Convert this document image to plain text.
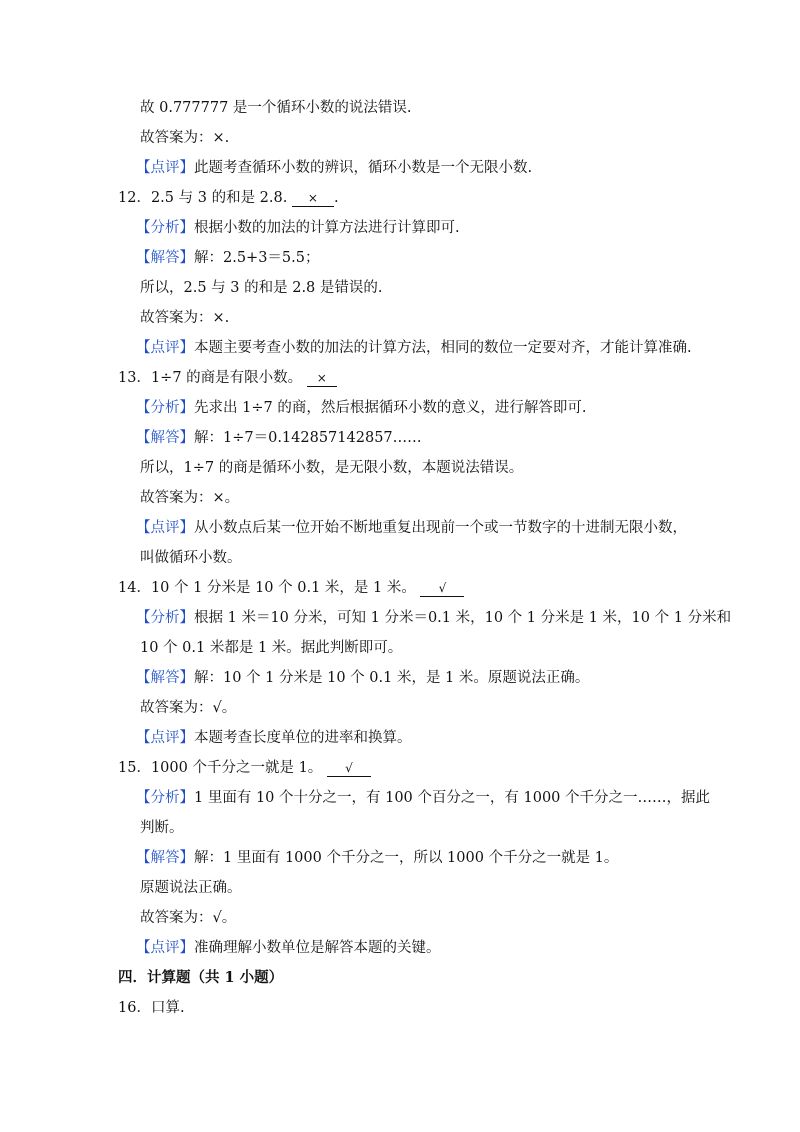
故 0.777777 是一个循环小数的说法错误.
故答案为：×.
【点评】此题考查循环小数的辨识，循环小数是一个无限小数.
12．2.5 与 3 的和是 2.8. × .
【分析】根据小数的加法的计算方法进行计算即可.
【解答】解：2.5+3＝5.5；
所以，2.5 与 3 的和是 2.8 是错误的.
故答案为：×.
【点评】本题主要考查小数的加法的计算方法，相同的数位一定要对齐，才能计算准确.
13．1÷7 的商是有限小数。 ×
【分析】先求出 1÷7 的商，然后根据循环小数的意义，进行解答即可.
【解答】解：1÷7＝0.142857142857……
所以，1÷7 的商是循环小数，是无限小数，本题说法错误。
故答案为：×。
【点评】从小数点后某一位开始不断地重复出现前一个或一节数字的十进制无限小数，
叫做循环小数。
14．10 个 1 分米是 10 个 0.1 米，是 1 米。 √
【分析】根据 1 米＝10 分米，可知 1 分米＝0.1 米，10 个 1 分米是 1 米，10 个 1 分米和
10 个 0.1 米都是 1 米。据此判断即可。
【解答】解：10 个 1 分米是 10 个 0.1 米，是 1 米。原题说法正确。
故答案为：√。
【点评】本题考查长度单位的进率和换算。
15．1000 个千分之一就是 1。 √
【分析】1 里面有 10 个十分之一，有 100 个百分之一，有 1000 个千分之一……，据此
判断。
【解答】解：1 里面有 1000 个千分之一，所以 1000 个千分之一就是 1。
原题说法正确。
故答案为：√。
【点评】准确理解小数单位是解答本题的关键。
四．计算题（共 1 小题）
16．口算.
